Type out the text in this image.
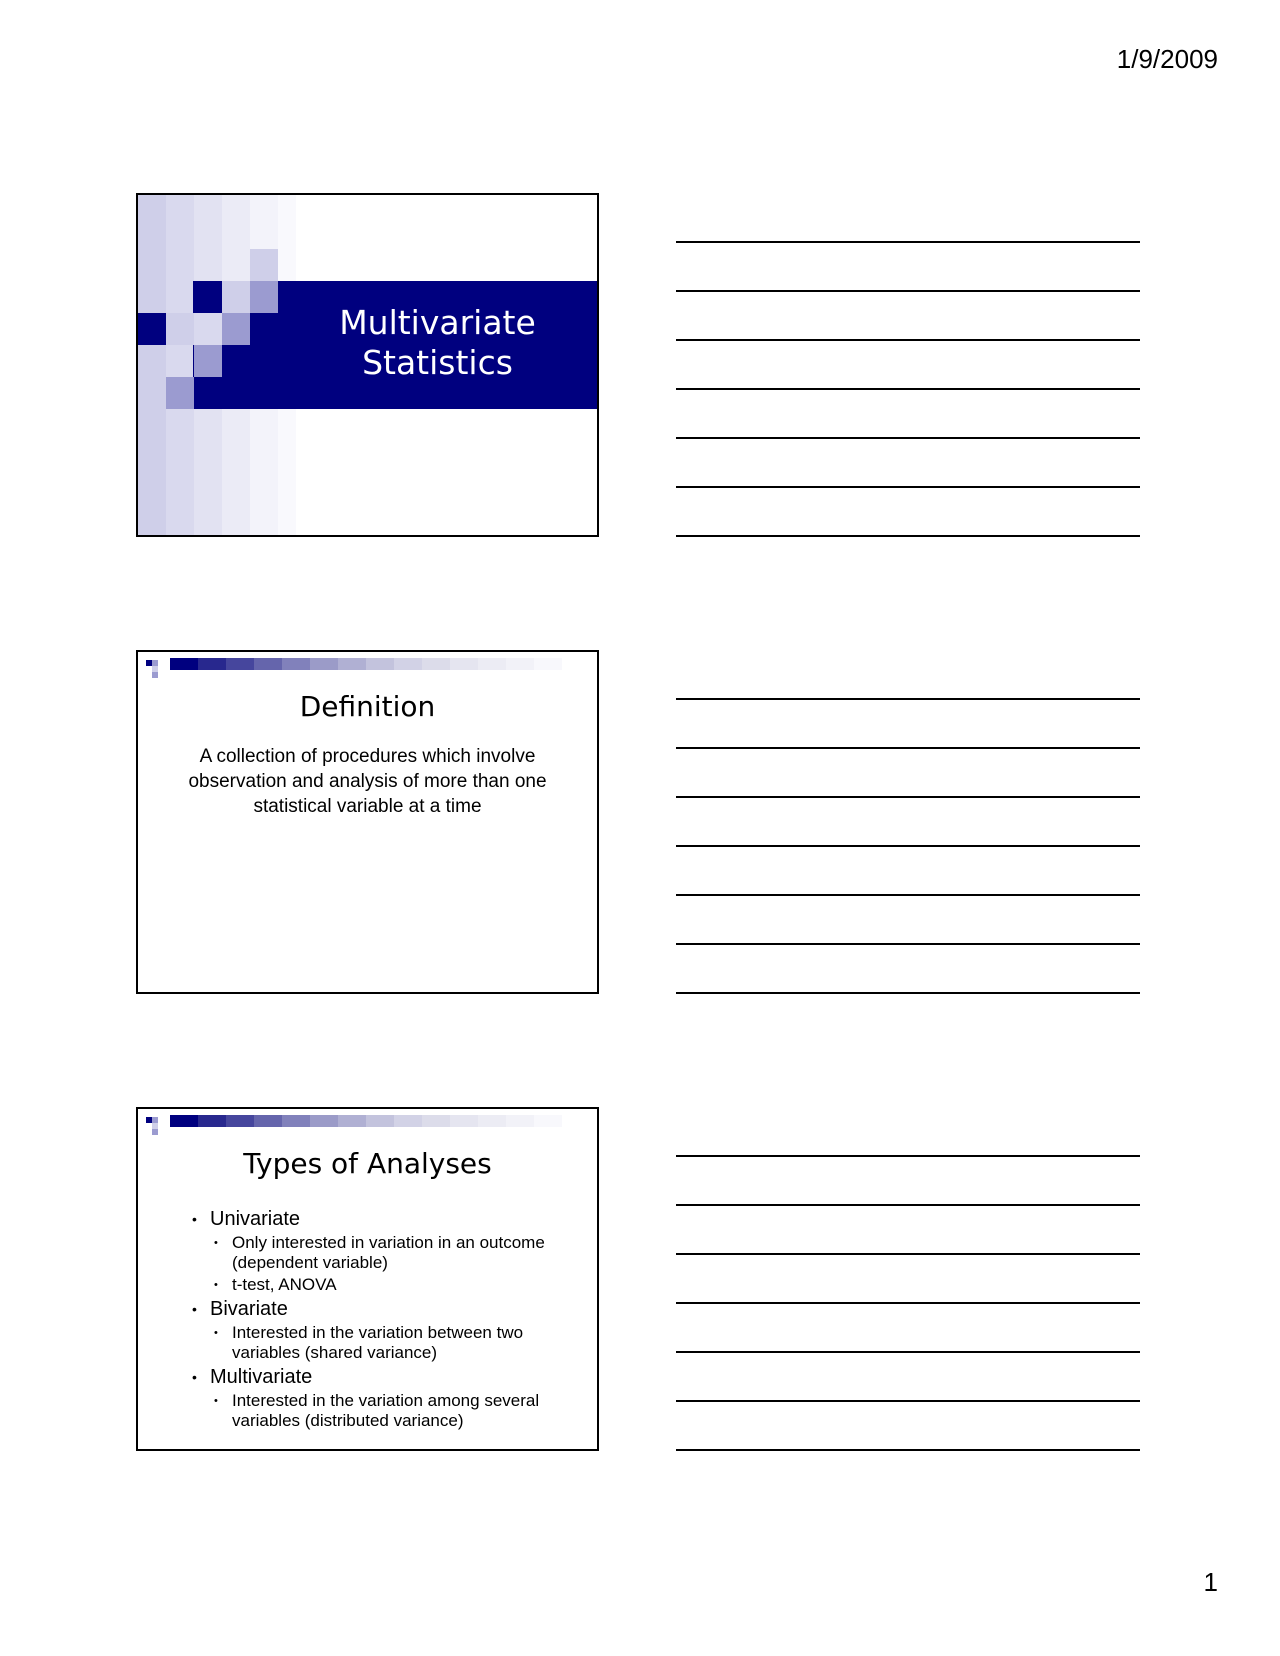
1/9/2009
Multivariate
Statistics
Definition
A collection of procedures which involve observation and analysis of more than one statistical variable at a time
Types of Analyses
• Univariate
• Only interested in variation in an outcome (dependent variable)
• t-test, ANOVA
• Bivariate
• Interested in the variation between two variables (shared variance)
• Multivariate
• Interested in the variation among several variables (distributed variance)
1
